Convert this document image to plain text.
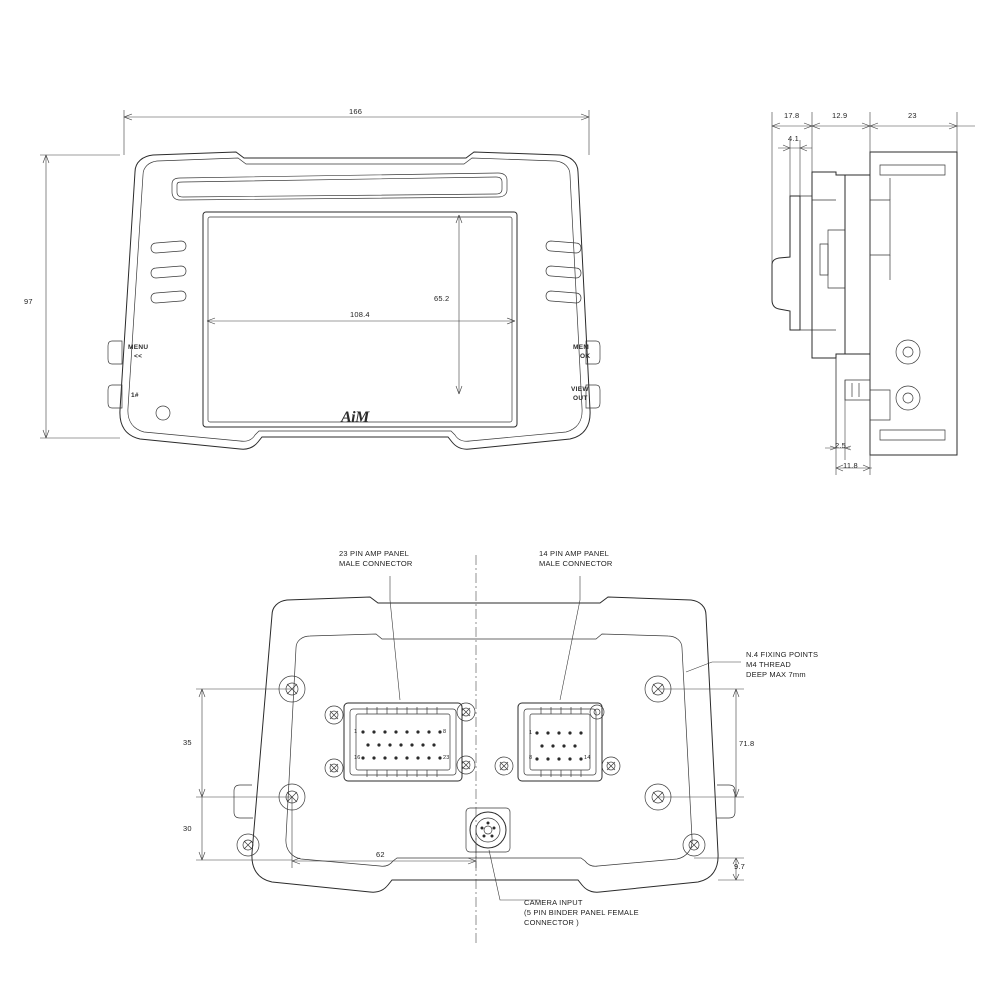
166
97
108.4
65.2
MENU
<<
1#
MEM
OK
VIEW
OUT
AiM
17.8	12.9	23
4.1
2.5
11.8
23 PIN AMP PANEL
MALE CONNECTOR
14 PIN AMP PANEL
MALE CONNECTOR
N.4 FIXING POINTS
M4 THREAD
DEEP MAX 7mm
CAMERA INPUT
(5 PIN BINDER PANEL FEMALE
CONNECTOR )
35
30
62
71.8
9.7
1	8
16	23
1
8	14
